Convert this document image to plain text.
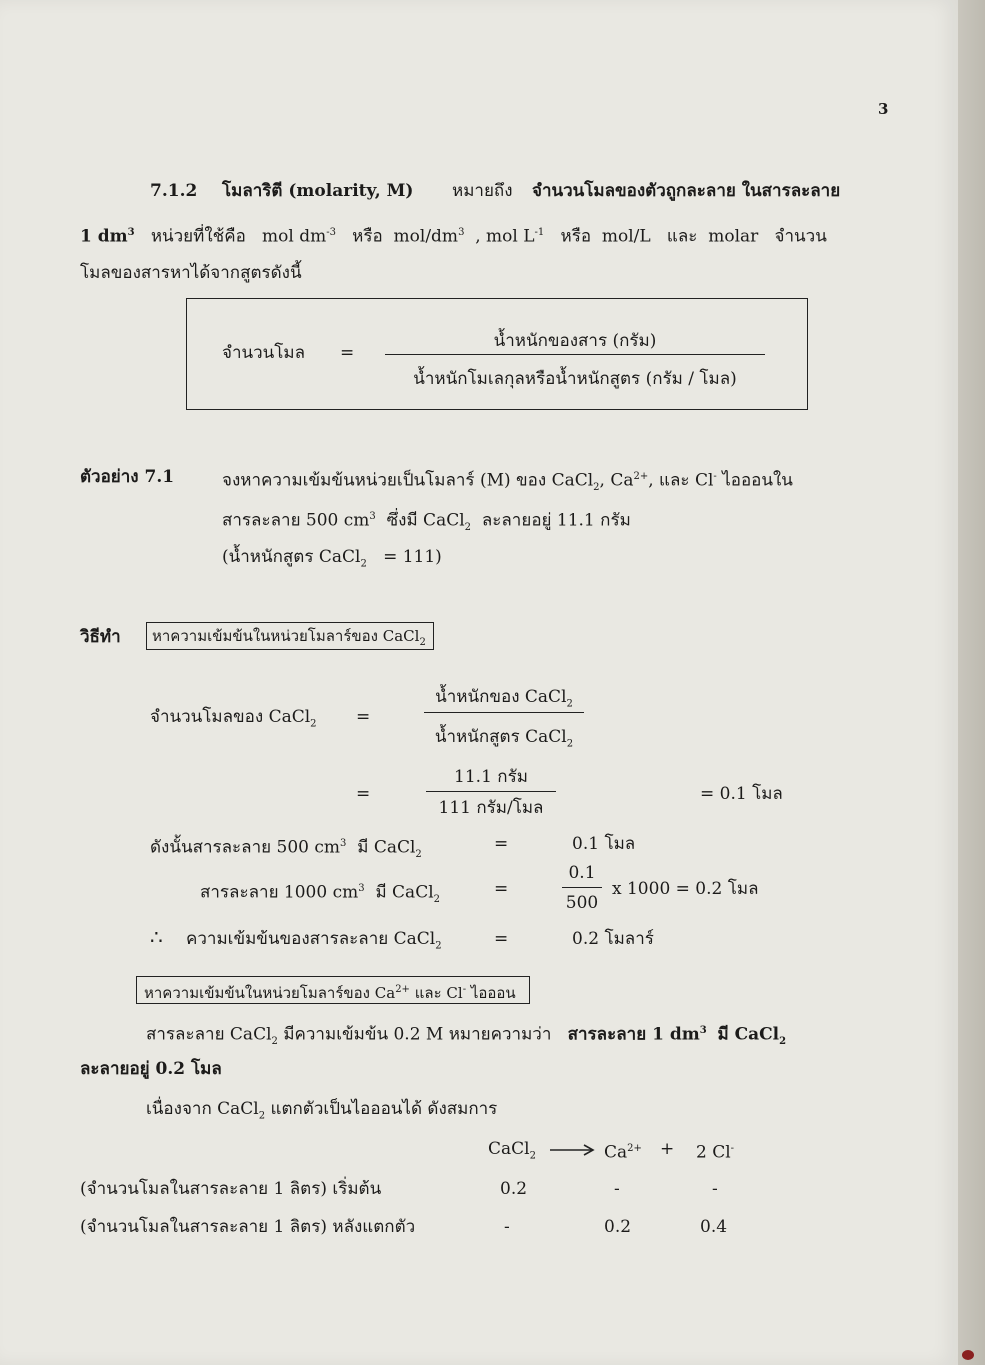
3
7.1.2 โมลาริตี (molarity, M) หมายถึง จำนวนโมลของตัวถูกละลาย ในสารละลาย
1 $dm^3$ หน่วยที่ใช้คือ mol $dm^{-3}$ หรือ mol/$dm^3$ , mol $L^{-1}$ หรือ mol/L และ molar จำนวน
โมลของสารหาได้จากสูตรดังนี้
จำนวนโมล =
น้ำหนักของสาร (กรัม)
น้ำหนักโมเลกุลหรือน้ำหนักสูตร (กรัม / โมล)
ตัวอย่าง 7.1	จงหาความเข้มข้นหน่วยเป็นโมลาร์ (M) ของ CaCl$_2$, $Ca^{2+}$, และ Cl- ไอออนใน
สารละลาย 500 $cm^3$ ซึ่งมี CaCl$_2$ ละลายอยู่ 11.1 กรัม
(น้ำหนักสูตร CaCl$_2$ = 111)
วิธีทำ หาความเข้มข้นในหน่วยโมลาร์ของ CaCl$_2$
จำนวนโมลของ CaCl$_2$ =
น้ำหนักของ CaCl$_2$
น้ำหนักสูตร CaCl$_2$
=
11.1 กรัม
111 กรัม/โมล
= 0.1 โมล
ดังนั้นสารละลาย 500 $cm^3$ มี CaCl$_2$
=	0.1 โมล
สารละลาย 1000 $cm^3$ มี CaCl$_2$
=
0.1
500
x 1000 = 0.2 โมล
∴ ความเข้มข้นของสารละลาย CaCl$_2$	=	0.2 โมลาร์
หาความเข้มข้นในหน่วยโมลาร์ของ $Ca^{2+}$ และ Cl- ไอออน
สารละลาย CaCl$_2$ มีความเข้มข้น 0.2 M หมายความว่า สารละลาย 1 $dm^3$ มี CaCl$_2$
ละลายอยู่ 0.2 โมล
เนื่องจาก CaCl$_2$ แตกตัวเป็นไอออนได้ ดังสมการ
CaCl$_2$ → $Ca^{2+} + 2$ Cl-
(จำนวนโมลในสารละลาย 1 ลิตร) เริ่มต้น	0.2	-	-
(จำนวนโมลในสารละลาย 1 ลิตร) หลังแตกตัว	-	0.2	0.4
